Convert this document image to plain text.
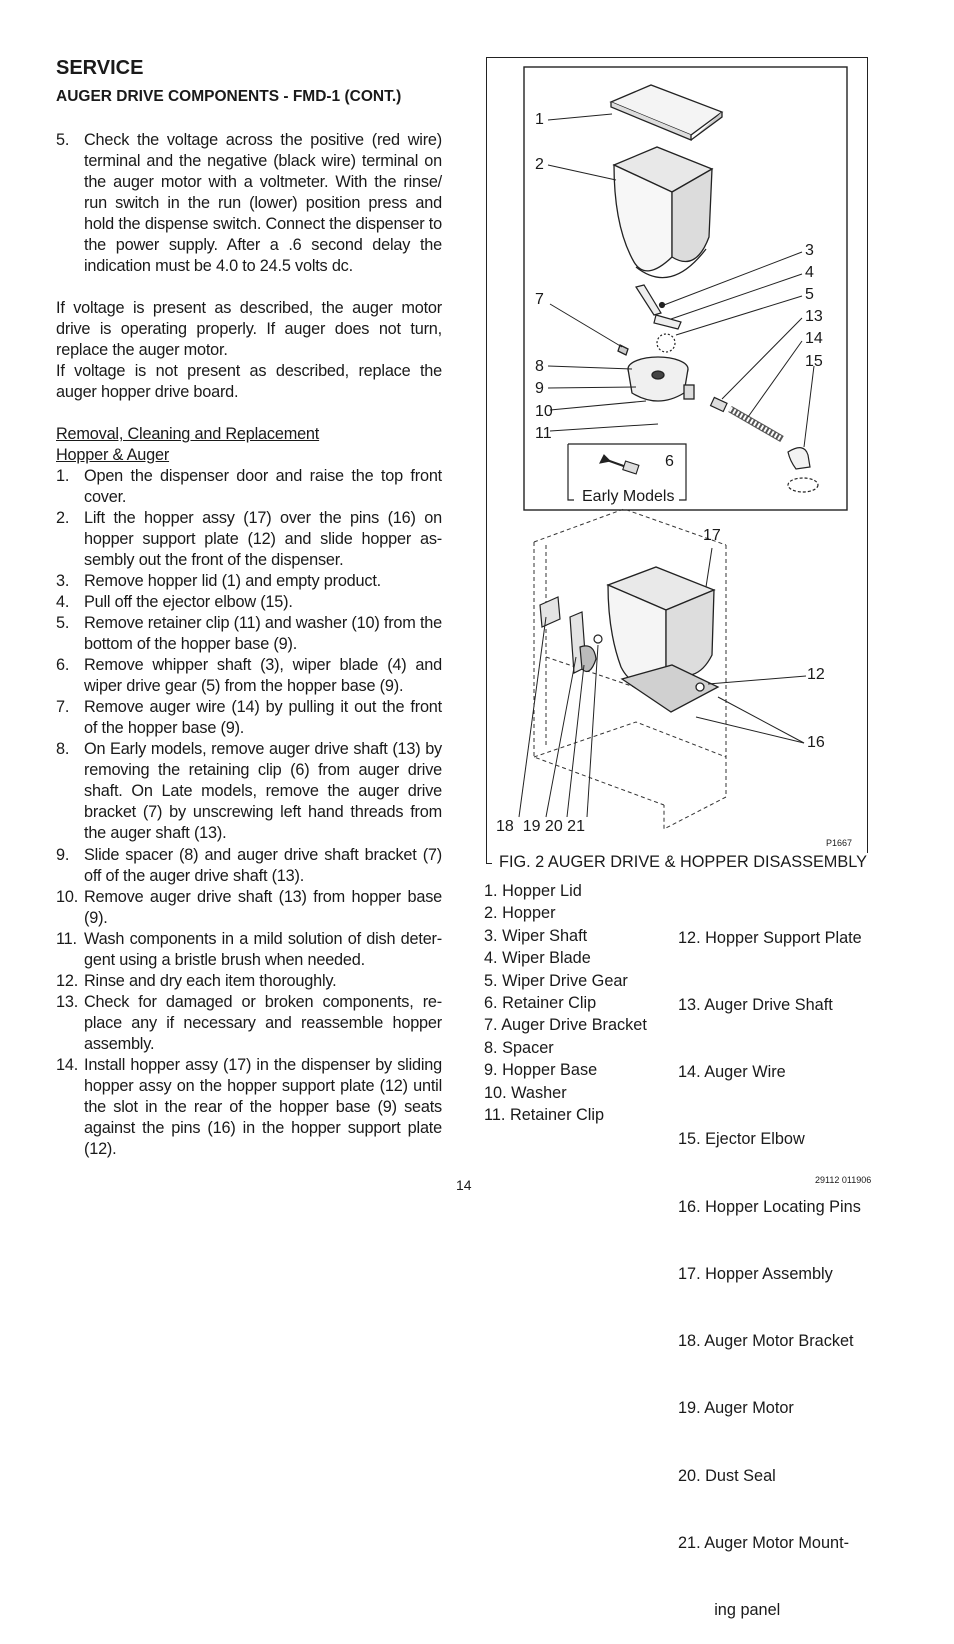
SERVICE
AUGER DRIVE COMPONENTS - FMD-1 (CONT.)
5. Check the voltage across the positive (red wire) terminal and the negative (black wire) terminal on the auger motor with a voltmeter. With the rinse/ run switch in the run (lower) position press and hold the dispense switch. Connect the dispenser to the power supply. After a .6 second delay the indication must be 4.0 to 24.5 volts dc.
If voltage is present as described, the auger motor drive is operating properly. If auger does not turn, replace the auger motor.
If voltage is not present as described, replace the auger hopper drive board.
Removal, Cleaning and Replacement
Hopper & Auger
1. Open the dispenser door and raise the top front cover.
2. Lift the hopper assy (17) over the pins (16) on hopper support plate (12) and slide hopper as-sembly out the front of the dispenser.
3. Remove hopper lid (1) and empty product.
4. Pull off the ejector elbow (15).
5. Remove retainer clip (11) and washer (10) from the bottom of the hopper base (9).
6. Remove whipper shaft (3), wiper blade (4) and wiper drive gear (5) from the hopper base (9).
7. Remove auger wire (14) by pulling it out the front of the hopper base (9).
8. On Early models, remove auger drive shaft (13) by removing the retaining clip (6) from auger drive shaft. On Late models, remove the auger drive bracket (7) by unscrewing left hand threads from the auger shaft (13).
9. Slide spacer (8) and auger drive shaft bracket (7) off of the auger drive shaft (13).
10. Remove auger drive shaft (13) from hopper base (9).
11. Wash components in a mild solution of dish deter-gent using a bristle brush when needed.
12. Rinse and dry each item thoroughly.
13. Check for damaged or broken components, re-place any if necessary and reassemble hopper assembly.
14. Install hopper assy (17) in the dispenser by sliding hopper assy on the hopper support plate (12) until the slot in the rear of the hopper base (9) seats against the pins (16) in the hopper support plate (12).
FIG. 2 AUGER DRIVE & HOPPER DISASSEMBLY
1
2
3
4
5
13
14
15
7
8
9
10
11
6
Early Models
17
12
16
18  19 20 21
P1667
1. Hopper Lid
2. Hopper
3. Wiper Shaft
4. Wiper Blade
5. Wiper Drive Gear
6. Retainer Clip
7. Auger Drive Bracket
8. Spacer
9. Hopper Base
10. Washer
11. Retainer Clip

12. Hopper Support Plate

13. Auger Drive Shaft

14. Auger Wire

15. Ejector Elbow

16. Hopper Locating Pins

17. Hopper Assembly

18. Auger Motor Bracket

19. Auger Motor

20. Dust Seal

21. Auger Motor Mount-

ing panel

14	29112 011906
